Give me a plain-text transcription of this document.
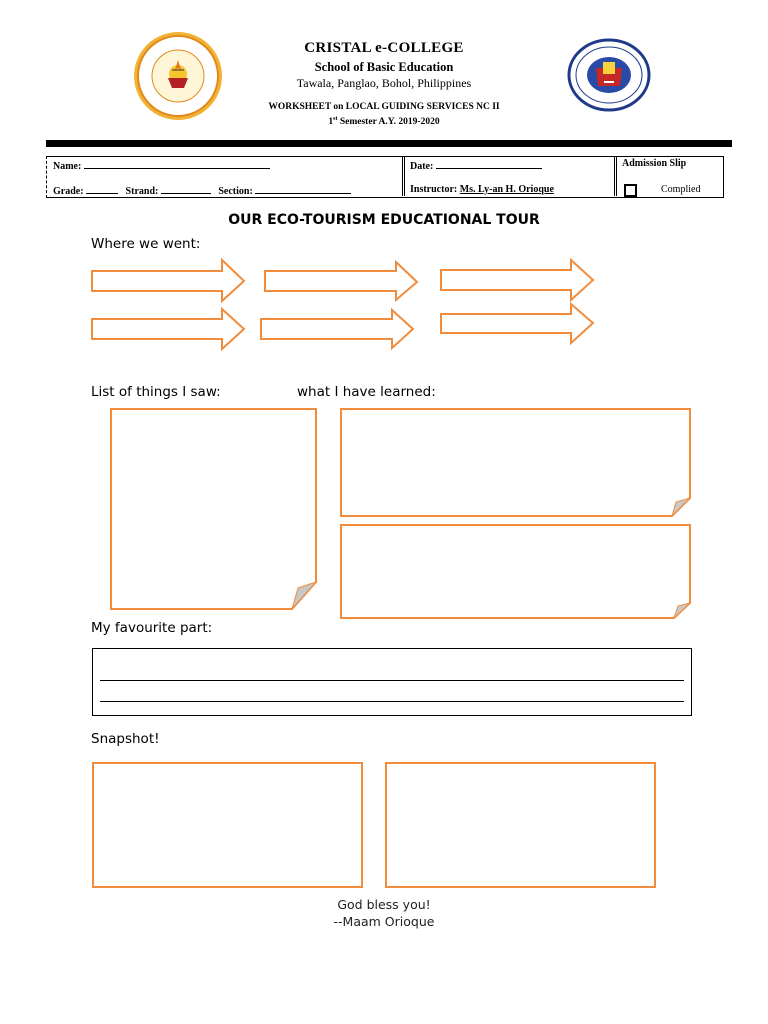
CRISTAL e-COLLEGE
School of Basic Education
Tawala, Panglao, Bohol, Philippines
WORKSHEET on LOCAL GUIDING SERVICES NC II
1st Semester A.Y. 2019-2020
Name:
Grade:	Strand:	Section:
Date:
Instructor: Ms. Ly-an H. Orioque
Admission Slip
Complied
OUR ECO-TOURISM EDUCATIONAL TOUR
Where we went:
List of things I saw:	what I have learned:
My favourite part:
Snapshot!
God bless you!
--Maam Orioque
